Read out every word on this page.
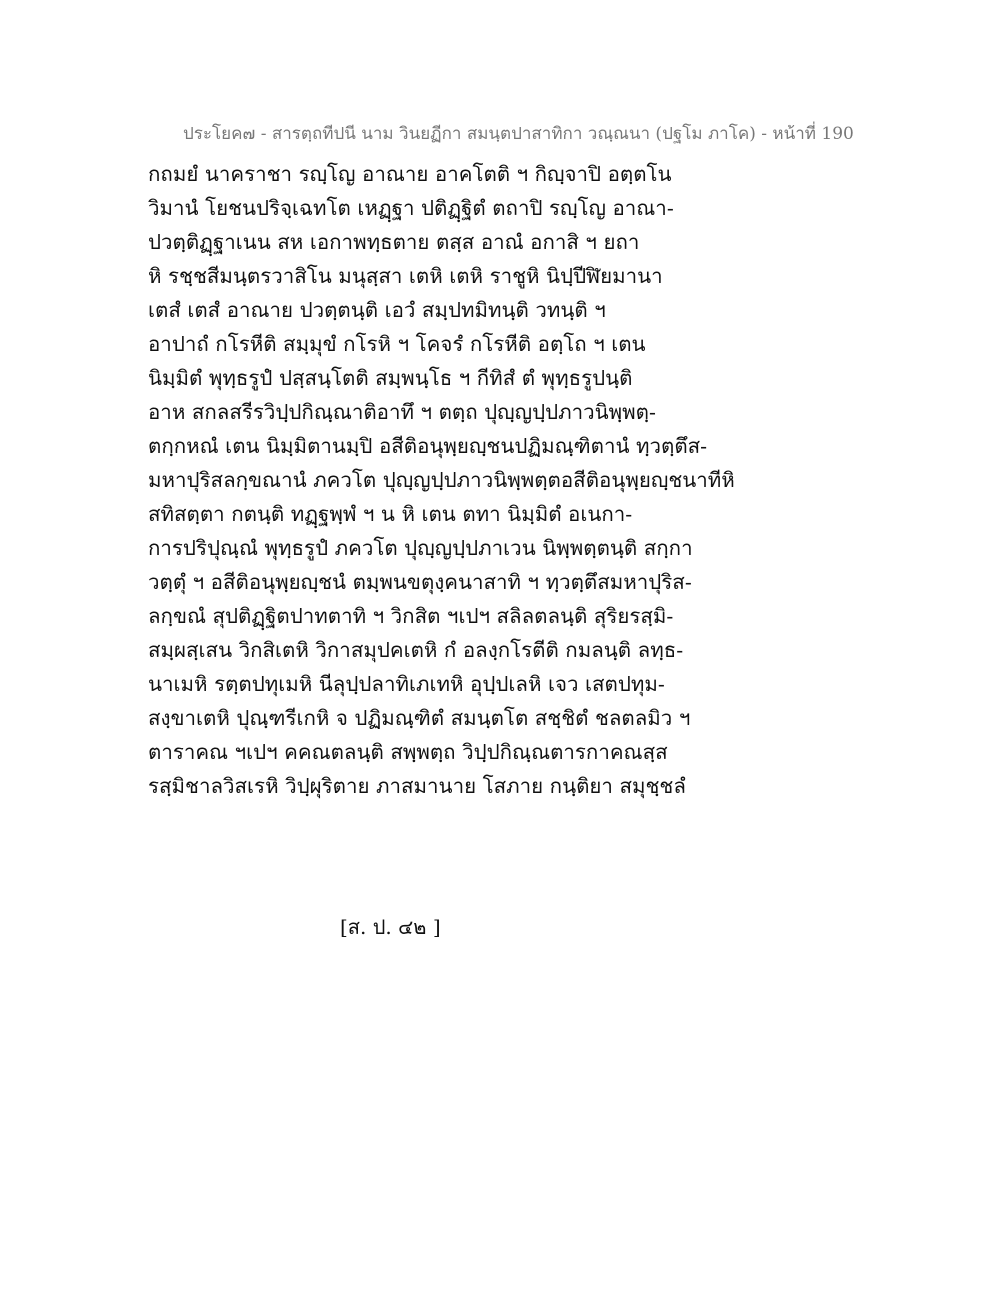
ประโยค๗ - สารตฺถทีปนี นาม วินยฏีกา สมนฺตปาสาทิกา วณฺณนา (ปฐโม ภาโค) - หน้าที่ 190
กถมยํ นาคราชา รญฺโญ อาณาย อาคโตติ ฯ กิญฺจาปิ อตฺตโน
วิมานํ โยชนปริจฺเฉทโต เหฏฺฐา ปติฏฺฐิตํ ตถาปิ รญฺโญ อาณา-
ปวตฺติฏฺฐาเนน สห เอกาพทฺธตาย ตสฺส อาณํ อกาสิ ฯ ยถา
หิ รชฺชสีมนฺตรวาสิโน มนุสฺสา เตหิ เตหิ ราชูหิ นิปฺปีฬิยมานา
เตสํ เตสํ อาณาย ปวตฺตนฺติ เอวํ สมฺปทมิทนฺติ วทนฺติ ฯ
อาปาถํ กโรหีติ สมฺมุขํ กโรหิ ฯ โคจรํ กโรหีติ อตฺโถ ฯ เตน
นิมฺมิตํ พุทฺธรูปํ ปสฺสนฺโตติ สมฺพนฺโธ ฯ กีทิสํ ตํ พุทฺธรูปนฺติ
อาห สกลสรีรวิปฺปกิณฺณาติอาทึ ฯ ตตฺถ ปุญฺญปฺปภาวนิพฺพตฺ-
ตกฺกหณํ เตน นิมฺมิตานมฺปิ อสีติอนุพฺยญฺชนปฏิมณฺฑิตานํ ทฺวตฺตึส-
มหาปุริสลกฺขณานํ ภควโต ปุญฺญปฺปภาวนิพฺพตฺตอสีติอนุพฺยญฺชนาทีหิ
สทิสตฺตา กตนฺติ ทฏฺฐพฺพํ ฯ น หิ เตน ตทา นิมฺมิตํ อเนกา-
การปริปุณฺณํ พุทฺธรูปํ ภควโต ปุญฺญปฺปภาเวน นิพฺพตฺตนฺติ สกฺกา
วตฺตุํ ฯ อสีติอนุพฺยญฺชนํ ตมฺพนขตุงฺคนาสาทิ ฯ ทฺวตฺตึสมหาปุริส-
ลกฺขณํ สุปติฏฺฐิตปาทตาทิ ฯ วิกสิต ฯเปฯ สลิลตลนฺติ สุริยรสฺมิ-
สมฺผสฺเสน วิกสิเตหิ วิกาสมุปคเตหิ กํ อลงฺกโรตีติ กมลนฺติ ลทฺธ-
นาเมหิ รตฺตปทุเมหิ นีลุปฺปลาทิเภเทหิ อุปฺปเลหิ เจว เสตปทุม-
สงฺขาเตหิ ปุณฺฑรีเกหิ จ ปฏิมณฺฑิตํ สมนฺตโต สชฺชิตํ ชลตลมิว ฯ
ตาราคณ ฯเปฯ คคณตลนฺติ สพฺพตฺถ วิปฺปกิณฺณตารกาคณสฺส
รสฺมิชาลวิสเรหิ วิปฺผุริตาย ภาสมานาย โสภาย กนฺติยา สมุชฺชลํ
[ส. ป. ๔๒ ]
